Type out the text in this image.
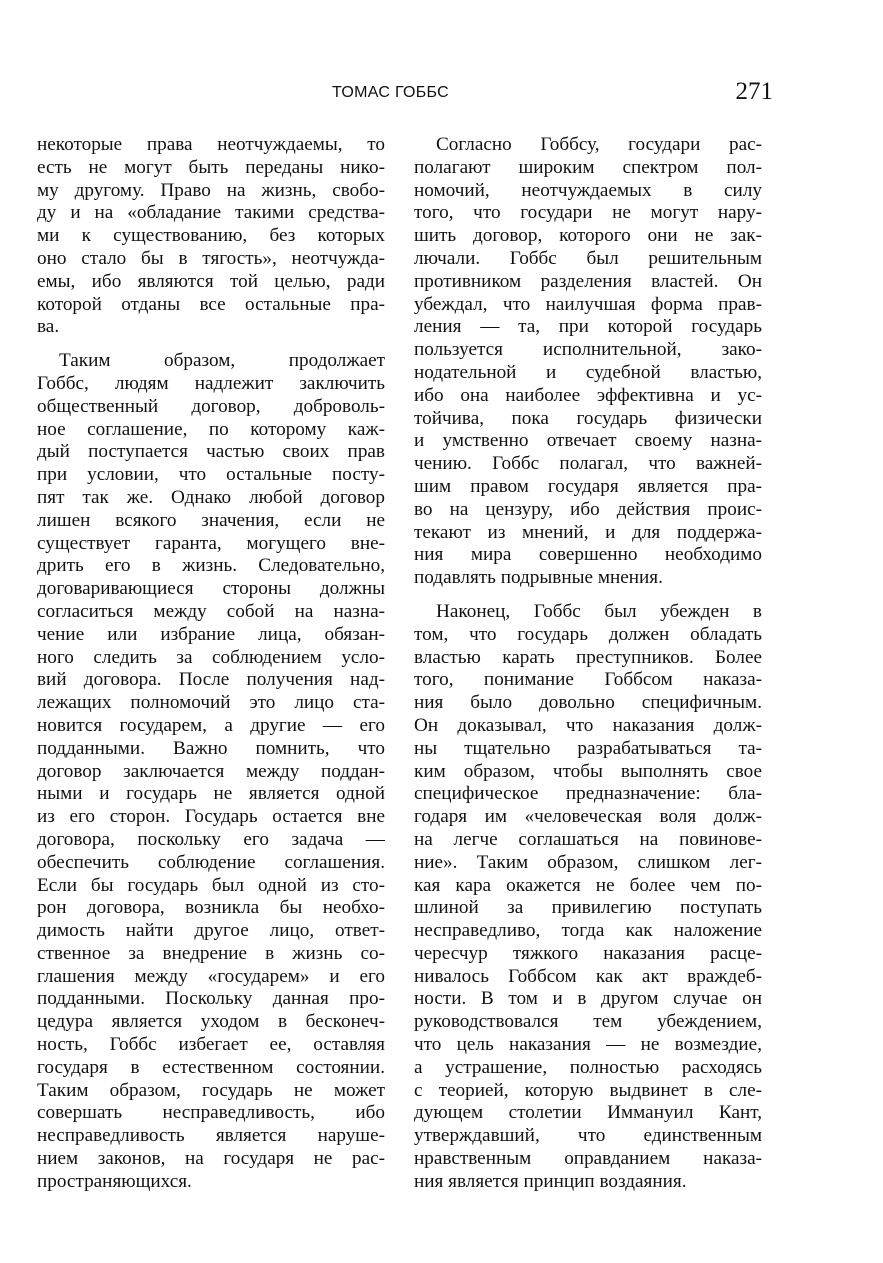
ТОМАС ГОББС	271
некоторые права неотчуждаемы, то
есть не могут быть переданы нико-
му другому. Право на жизнь, свобо-
ду и на «обладание такими средства-
ми к существованию, без которых
оно стало бы в тягость», неотчужда-
емы, ибо являются той целью, ради
которой отданы все остальные пра-
ва.
Таким образом, продолжает
Гоббс, людям надлежит заключить
общественный договор, доброволь-
ное соглашение, по которому каж-
дый поступается частью своих прав
при условии, что остальные посту-
пят так же. Однако любой договор
лишен всякого значения, если не
существует гаранта, могущего вне-
дрить его в жизнь. Следовательно,
договаривающиеся стороны должны
согласиться между собой на назна-
чение или избрание лица, обязан-
ного следить за соблюдением усло-
вий договора. После получения над-
лежащих полномочий это лицо ста-
новится государем, а другие — его
подданными. Важно помнить, что
договор заключается между поддан-
ными и государь не является одной
из его сторон. Государь остается вне
договора, поскольку его задача —
обеспечить соблюдение соглашения.
Если бы государь был одной из сто-
рон договора, возникла бы необхо-
димость найти другое лицо, ответ-
ственное за внедрение в жизнь со-
глашения между «государем» и его
подданными. Поскольку данная про-
цедура является уходом в бесконеч-
ность, Гоббс избегает ее, оставляя
государя в естественном состоянии.
Таким образом, государь не может
совершать несправедливость, ибо
несправедливость является наруше-
нием законов, на государя не рас-
пространяющихся.
Согласно Гоббсу, государи рас-
полагают широким спектром пол-
номочий, неотчуждаемых в силу
того, что государи не могут нару-
шить договор, которого они не зак-
лючали. Гоббс был решительным
противником разделения властей. Он
убеждал, что наилучшая форма прав-
ления — та, при которой государь
пользуется исполнительной, зако-
нодательной и судебной властью,
ибо она наиболее эффективна и ус-
тойчива, пока государь физически
и умственно отвечает своему назна-
чению. Гоббс полагал, что важней-
шим правом государя является пра-
во на цензуру, ибо действия проис-
текают из мнений, и для поддержа-
ния мира совершенно необходимо
подавлять подрывные мнения.
Наконец, Гоббс был убежден в
том, что государь должен обладать
властью карать преступников. Более
того, понимание Гоббсом наказа-
ния было довольно специфичным.
Он доказывал, что наказания долж-
ны тщательно разрабатываться та-
ким образом, чтобы выполнять свое
специфическое предназначение: бла-
годаря им «человеческая воля долж-
на легче соглашаться на повинове-
ние». Таким образом, слишком лег-
кая кара окажется не более чем по-
шлиной за привилегию поступать
несправедливо, тогда как наложение
чересчур тяжкого наказания расце-
нивалось Гоббсом как акт враждеб-
ности. В том и в другом случае он
руководствовался тем убеждением,
что цель наказания — не возмездие,
а устрашение, полностью расходясь
с теорией, которую выдвинет в сле-
дующем столетии Иммануил Кант,
утверждавший, что единственным
нравственным оправданием наказа-
ния является принцип воздаяния.
